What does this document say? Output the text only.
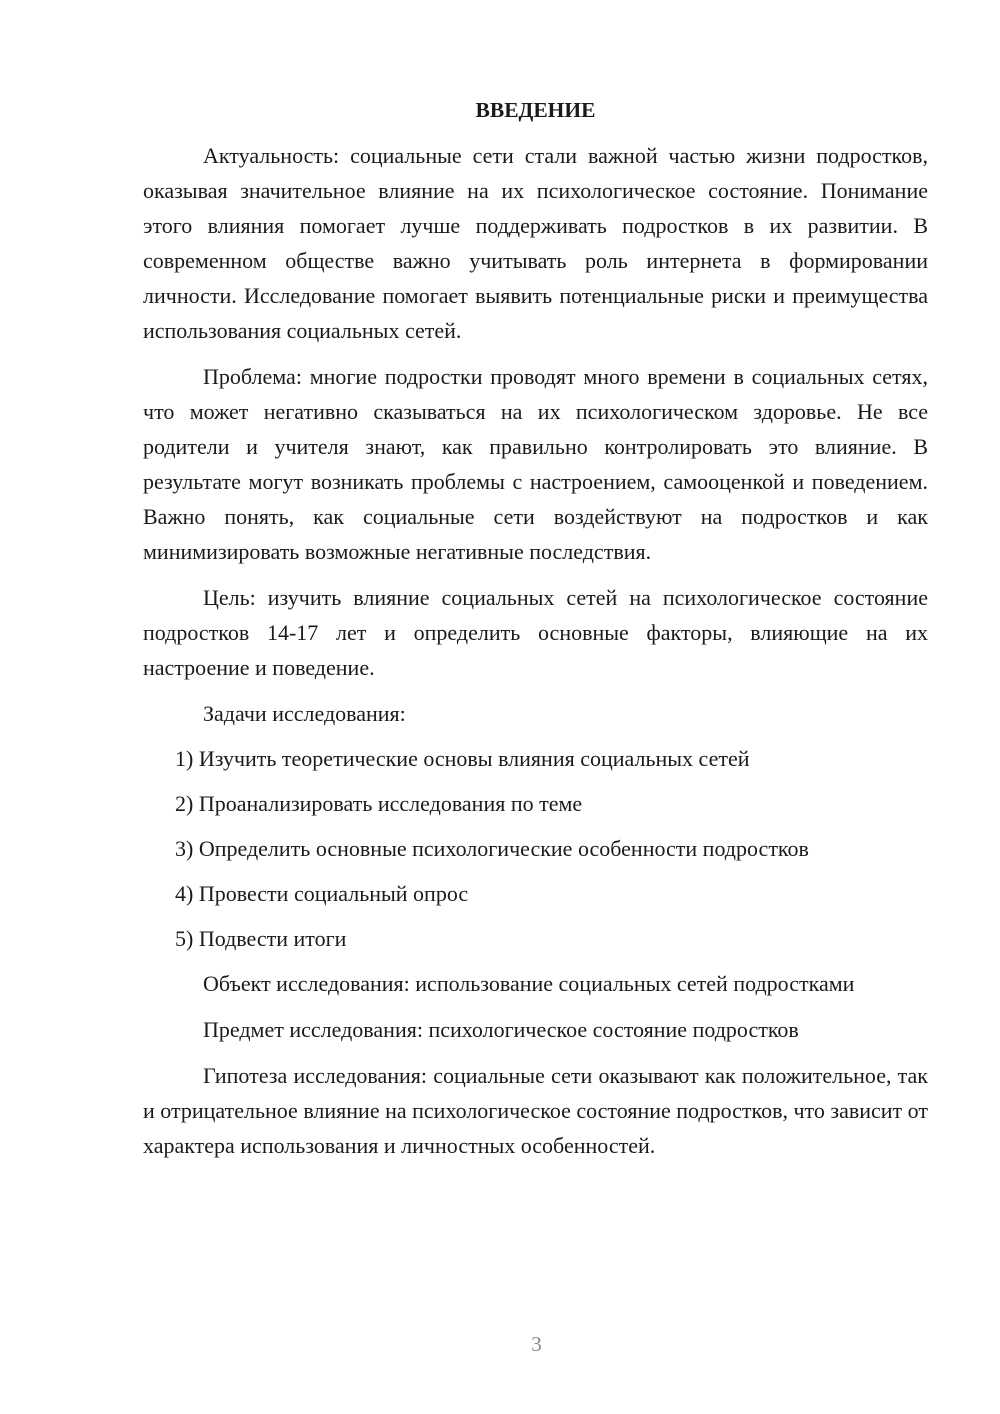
ВВЕДЕНИЕ

Актуальность: социальные сети стали важной частью жизни подростков, оказывая значительное влияние на их психологическое состояние. Понимание этого влияния помогает лучше поддерживать подростков в их развитии. В современном обществе важно учитывать роль интернета в формировании личности. Исследование помогает выявить потенциальные риски и преимущества использования социальных сетей.

Проблема: многие подростки проводят много времени в социальных сетях, что может негативно сказываться на их психологическом здоровье. Не все родители и учителя знают, как правильно контролировать это влияние. В результате могут возникать проблемы с настроением, самооценкой и поведением. Важно понять, как социальные сети воздействуют на подростков и как минимизировать возможные негативные последствия.

Цель: изучить влияние социальных сетей на психологическое состояние подростков 14-17 лет и определить основные факторы, влияющие на их настроение и поведение.

Задачи исследования:

1) Изучить теоретические основы влияния социальных сетей
2) Проанализировать исследования по теме
3) Определить основные психологические особенности подростков
4) Провести социальный опрос
5) Подвести итоги

Объект исследования: использование социальных сетей подростками

Предмет исследования: психологическое состояние подростков

Гипотеза исследования: социальные сети оказывают как положительное, так и отрицательное влияние на психологическое состояние подростков, что зависит от характера использования и личностных особенностей.

3
